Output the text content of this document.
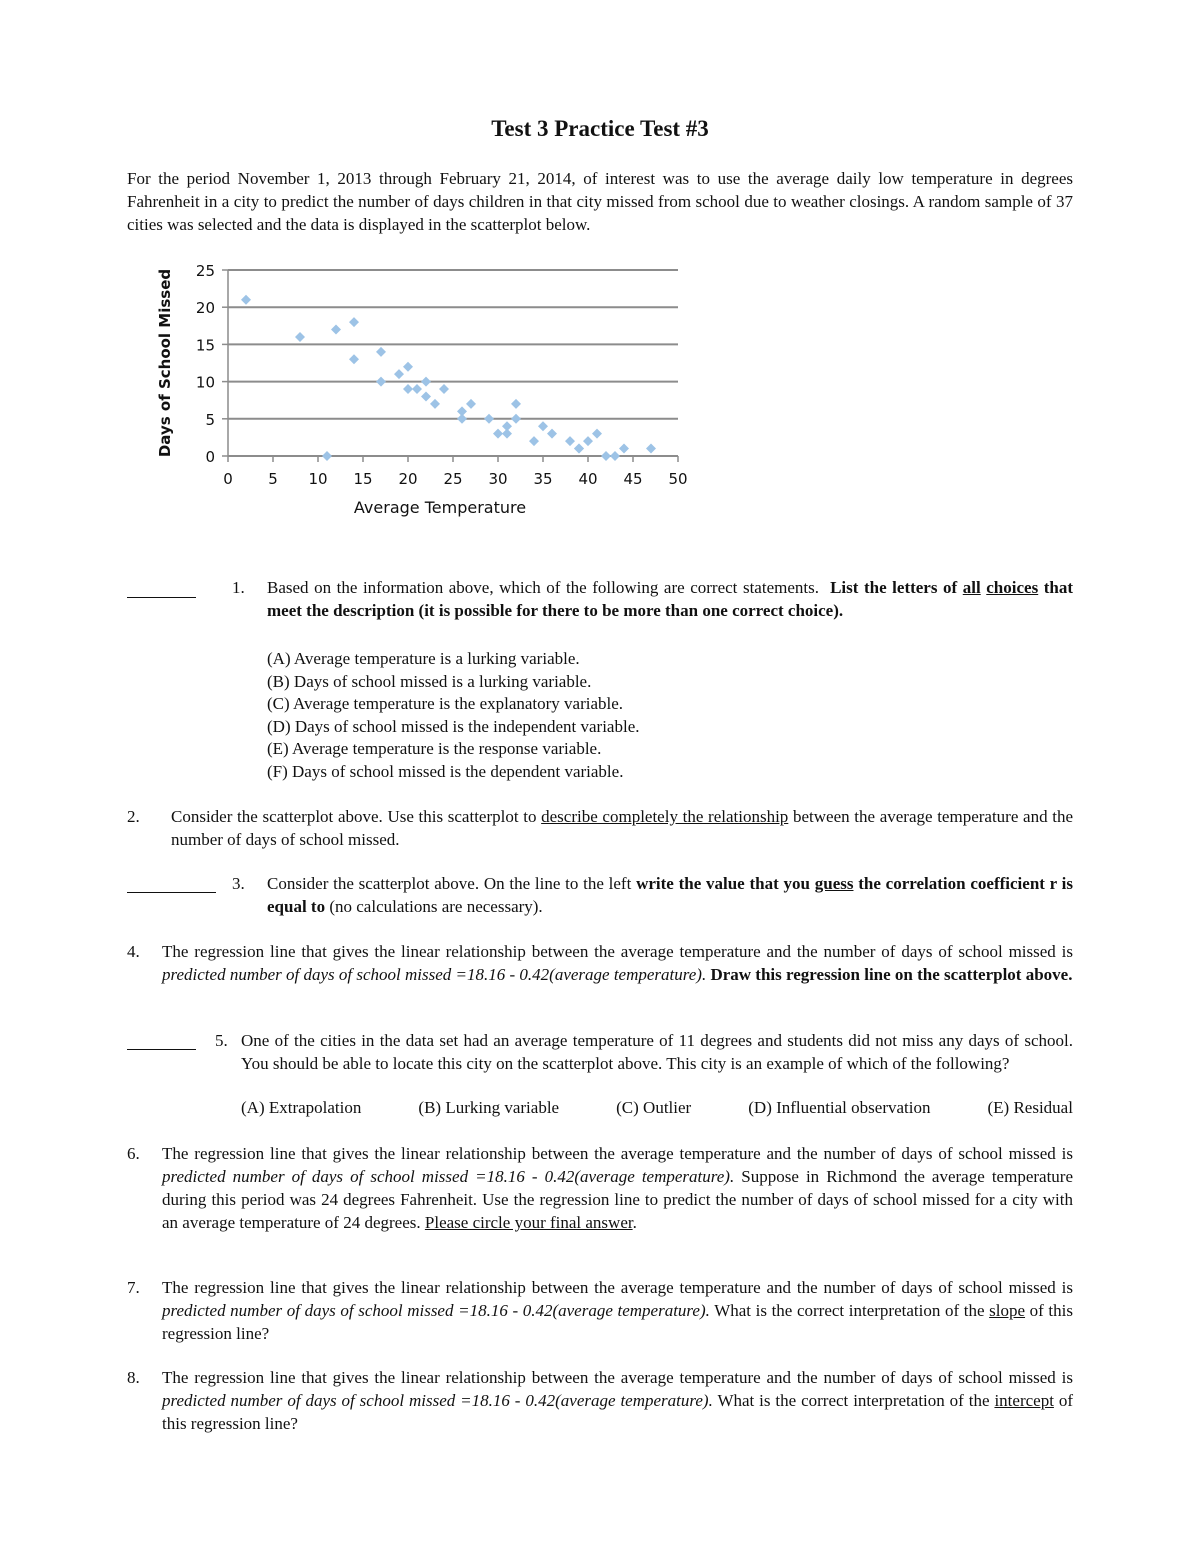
Test 3 Practice Test #3

For the period November 1, 2013 through February 21, 2014, of interest was to use the average daily low temperature in degrees Fahrenheit in a city to predict the number of days children in that city missed from school due to weather closings. A random sample of 37 cities was selected and the data is displayed in the scatterplot below.

0
5
10
15
20
25
0 5 10 15 20 25 30 35 40 45 50
Average Temperature
Days of School Missed
1. Based on the information above, which of the following are correct statements. List the letters of all choices that meet the description (it is possible for there to be more than one correct choice).
(A) Average temperature is a lurking variable.
(B) Days of school missed is a lurking variable.
(C) Average temperature is the explanatory variable.
(D) Days of school missed is the independent variable.
(E) Average temperature is the response variable.
(F) Days of school missed is the dependent variable.
2. Consider the scatterplot above. Use this scatterplot to describe completely the relationship between the average temperature and the number of days of school missed.
3. Consider the scatterplot above. On the line to the left write the value that you guess the correlation coefficient r is equal to (no calculations are necessary).
4. The regression line that gives the linear relationship between the average temperature and the number of days of school missed is predicted number of days of school missed =18.16 - 0.42(average temperature). Draw this regression line on the scatterplot above.
5. One of the cities in the data set had an average temperature of 11 degrees and students did not miss any days of school. You should be able to locate this city on the scatterplot above. This city is an example of which of the following?
(A) Extrapolation	(B) Lurking variable	(C) Outlier	(D) Influential observation	(E) Residual
6. The regression line that gives the linear relationship between the average temperature and the number of days of school missed is predicted number of days of school missed =18.16 - 0.42(average temperature). Suppose in Richmond the average temperature during this period was 24 degrees Fahrenheit. Use the regression line to predict the number of days of school missed for a city with an average temperature of 24 degrees. Please circle your final answer.
7. The regression line that gives the linear relationship between the average temperature and the number of days of school missed is predicted number of days of school missed =18.16 - 0.42(average temperature). What is the correct interpretation of the slope of this regression line?
8. The regression line that gives the linear relationship between the average temperature and the number of days of school missed is predicted number of days of school missed =18.16 - 0.42(average temperature). What is the correct interpretation of the intercept of this regression line?
